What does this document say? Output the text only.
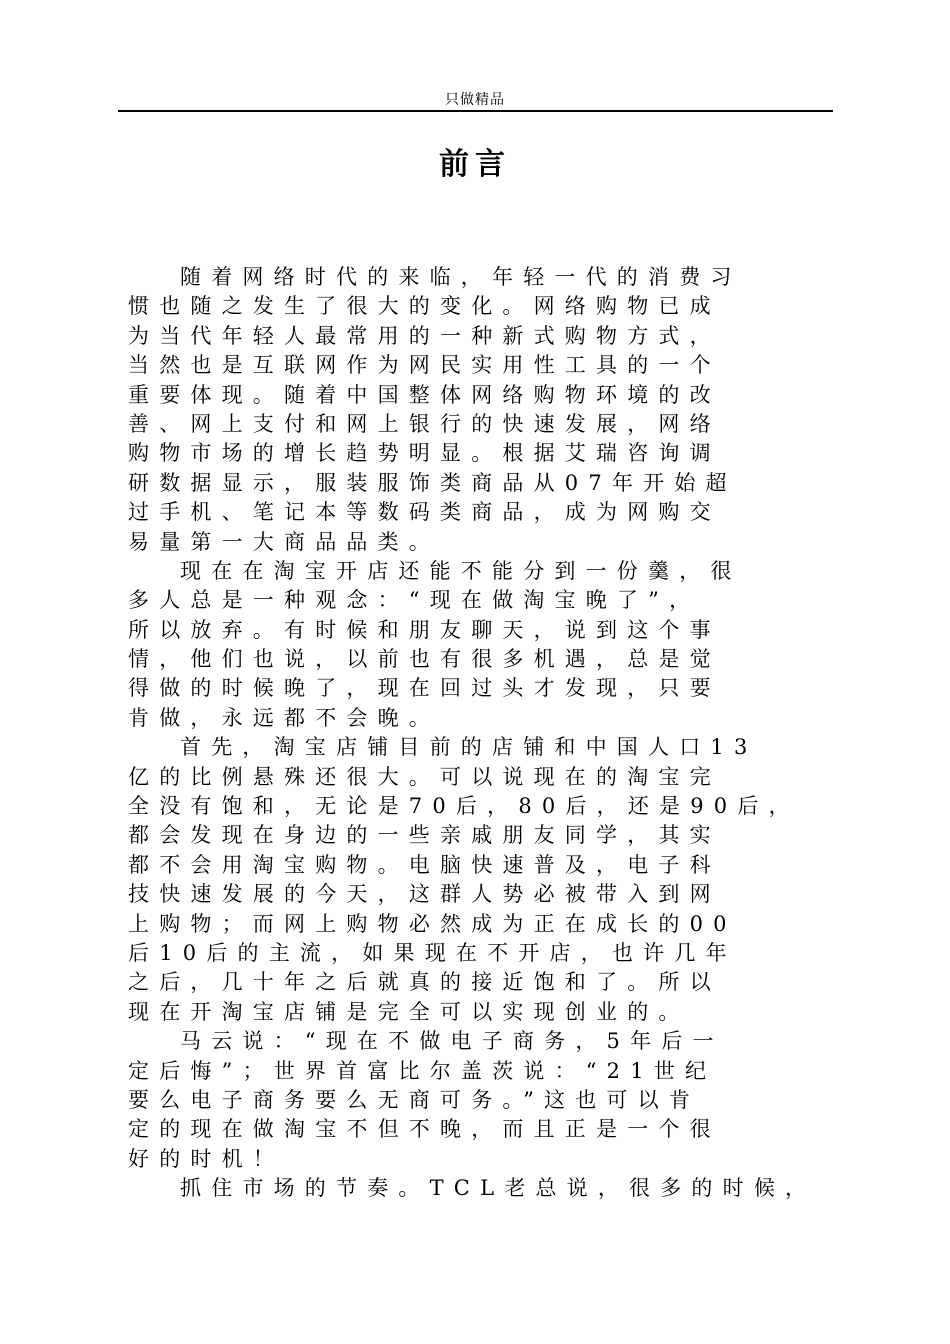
只做精品
前言
随着网络时代的来临，年轻一代的消费习
惯也随之发生了很大的变化。网络购物已成
为当代年轻人最常用的一种新式购物方式，
当然也是互联网作为网民实用性工具的一个
重要体现。随着中国整体网络购物环境的改
善、网上支付和网上银行的快速发展，网络
购物市场的增长趋势明显。根据艾瑞咨询调
研数据显示，服装服饰类商品从07年开始超
过手机、笔记本等数码类商品，成为网购交
易量第一大商品品类。
现在在淘宝开店还能不能分到一份羹，很
多人总是一种观念：“现在做淘宝晚了”，
所以放弃。有时候和朋友聊天，说到这个事
情，他们也说，以前也有很多机遇，总是觉
得做的时候晚了，现在回过头才发现，只要
肯做，永远都不会晚。
首先，淘宝店铺目前的店铺和中国人口13
亿的比例悬殊还很大。可以说现在的淘宝完
全没有饱和，无论是70后，80后，还是90后，
都会发现在身边的一些亲戚朋友同学，其实
都不会用淘宝购物。电脑快速普及，电子科
技快速发展的今天，这群人势必被带入到网
上购物；而网上购物必然成为正在成长的00
后10后的主流，如果现在不开店，也许几年
之后，几十年之后就真的接近饱和了。所以
现在开淘宝店铺是完全可以实现创业的。
马云说：“现在不做电子商务，5年后一
定后悔”；世界首富比尔盖茨说：“21世纪
要么电子商务要么无商可务。”这也可以肯
定的现在做淘宝不但不晚，而且正是一个很
好的时机！
抓住市场的节奏。TCL老总说，很多的时候，
